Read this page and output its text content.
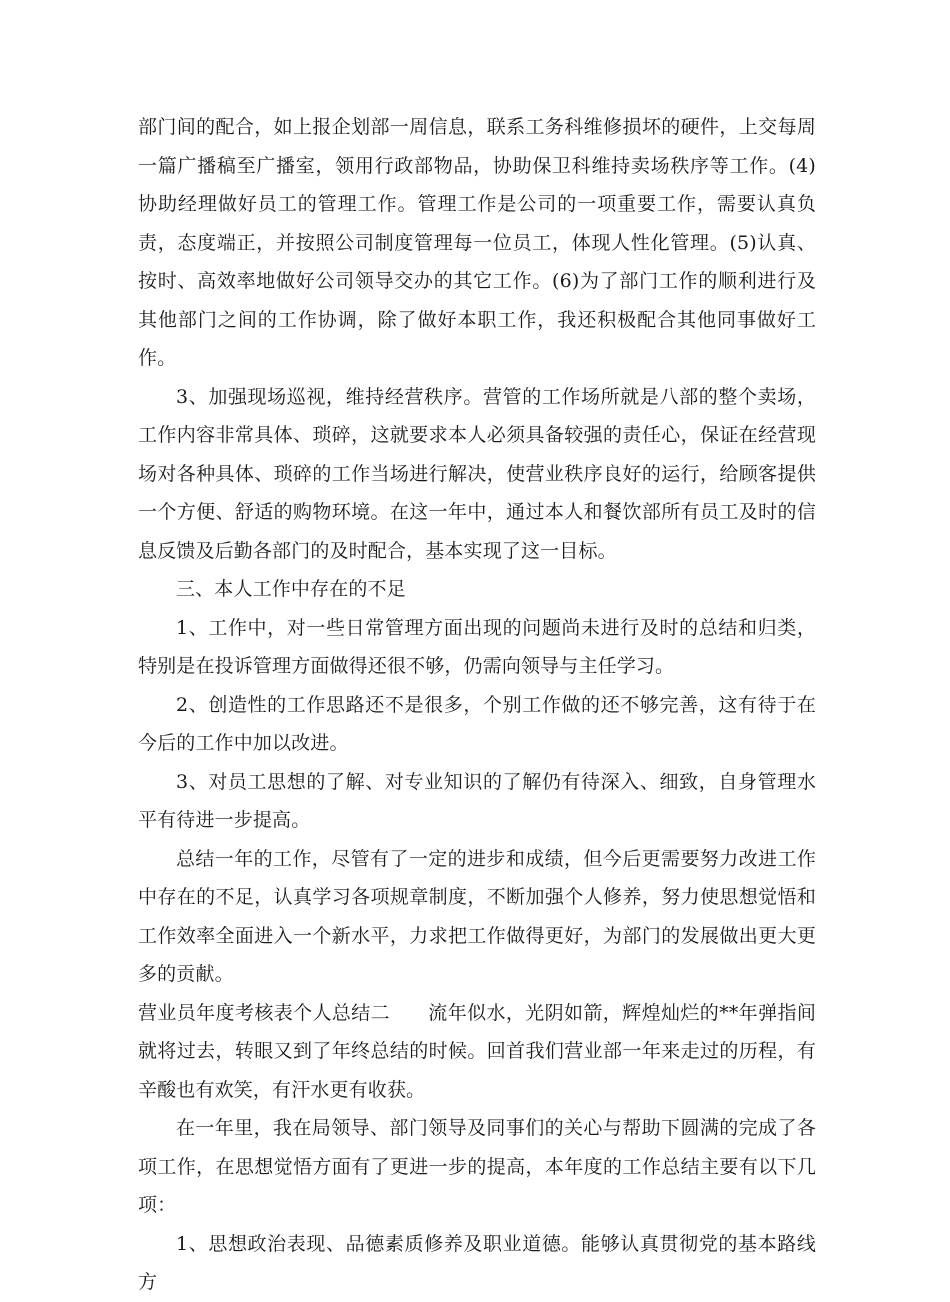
部门间的配合，如上报企划部一周信息，联系工务科维修损坏的硬件，上交每周一篇广播稿至广播室，领用行政部物品，协助保卫科维持卖场秩序等工作。(4)协助经理做好员工的管理工作。管理工作是公司的一项重要工作，需要认真负责，态度端正，并按照公司制度管理每一位员工，体现人性化管理。(5)认真、按时、高效率地做好公司领导交办的其它工作。(6)为了部门工作的顺利进行及其他部门之间的工作协调，除了做好本职工作，我还积极配合其他同事做好工作。

3、加强现场巡视，维持经营秩序。营管的工作场所就是八部的整个卖场，工作内容非常具体、琐碎，这就要求本人必须具备较强的责任心，保证在经营现场对各种具体、琐碎的工作当场进行解决，使营业秩序良好的运行，给顾客提供一个方便、舒适的购物环境。在这一年中，通过本人和餐饮部所有员工及时的信息反馈及后勤各部门的及时配合，基本实现了这一目标。

三、本人工作中存在的不足

1、工作中，对一些日常管理方面出现的问题尚未进行及时的总结和归类，特别是在投诉管理方面做得还很不够，仍需向领导与主任学习。

2、创造性的工作思路还不是很多，个别工作做的还不够完善，这有待于在今后的工作中加以改进。

3、对员工思想的了解、对专业知识的了解仍有待深入、细致，自身管理水平有待进一步提高。

总结一年的工作，尽管有了一定的进步和成绩，但今后更需要努力改进工作中存在的不足，认真学习各项规章制度，不断加强个人修养，努力使思想觉悟和工作效率全面进入一个新水平，力求把工作做得更好，为部门的发展做出更大更多的贡献。

营业员年度考核表个人总结二 流年似水，光阴如箭，辉煌灿烂的**年弹指间就将过去，转眼又到了年终总结的时候。回首我们营业部一年来走过的历程，有辛酸也有欢笑，有汗水更有收获。

在一年里，我在局领导、部门领导及同事们的关心与帮助下圆满的完成了各项工作，在思想觉悟方面有了更进一步的提高，本年度的工作总结主要有以下几项：

1、思想政治表现、品德素质修养及职业道德。能够认真贯彻党的基本路线方
